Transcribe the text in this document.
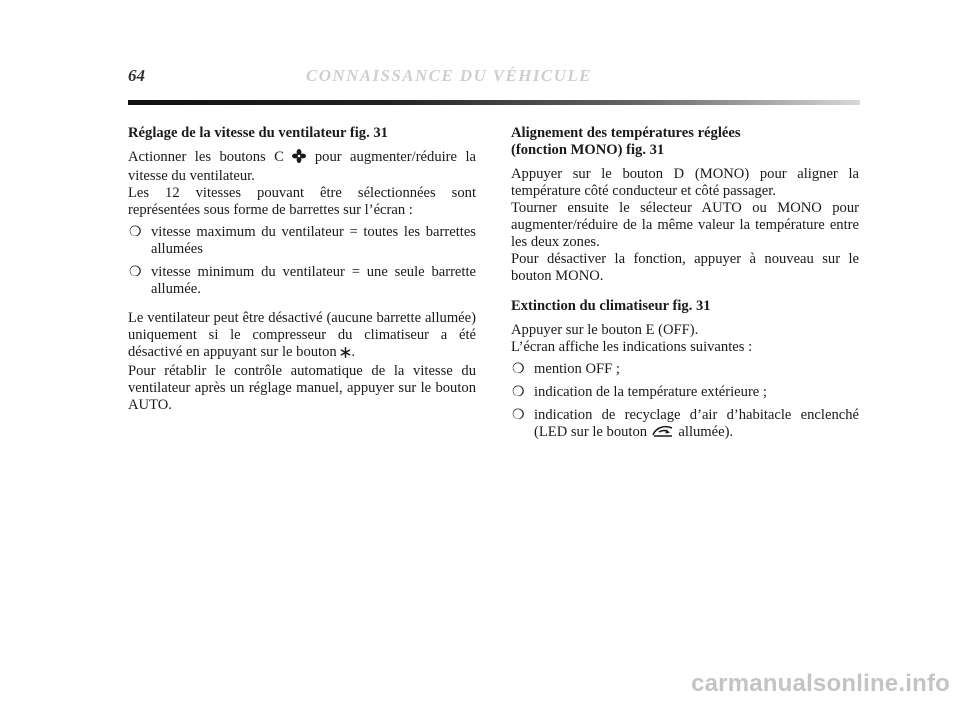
64	CONNAISSANCE DU VÉHICULE
Réglage de la vitesse du ventilateur fig. 31

Actionner les boutons C pour augmenter/réduire la vitesse du ventilateur.

Les 12 vitesses pouvant être sélectionnées sont représentées sous forme de barrettes sur l’écran :

❍ vitesse maximum du ventilateur = toutes les barrettes allumées
❍ vitesse minimum du ventilateur = une seule barrette allumée.

Le ventilateur peut être désactivé (aucune barrette allumée) uniquement si le compresseur du climatiseur a été désactivé en appuyant sur le bouton .

Pour rétablir le contrôle automatique de la vitesse du ventilateur après un réglage manuel, appuyer sur le bouton AUTO.

Alignement des températures réglées
(fonction MONO) fig. 31

Appuyer sur le bouton D (MONO) pour aligner la température côté conducteur et côté passager.

Tourner ensuite le sélecteur AUTO ou MONO pour augmenter/réduire de la même valeur la température entre les deux zones.

Pour désactiver la fonction, appuyer à nouveau sur le bouton MONO.

Extinction du climatiseur fig. 31

Appuyer sur le bouton E (OFF).

L’écran affiche les indications suivantes :

❍ mention OFF ;
❍ indication de la température extérieure ;
❍ indication de recyclage d’air d’habitacle enclenché (LED sur le bouton allumée).
carmanualsonline.info
